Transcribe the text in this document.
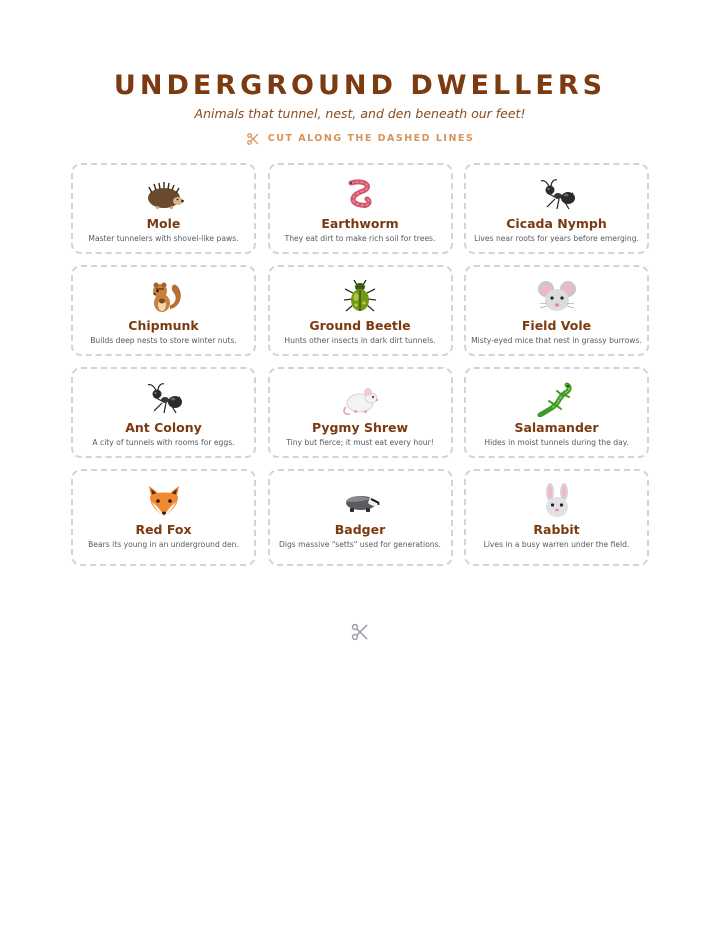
UNDERGROUND DWELLERS
Animals that tunnel, nest, and den beneath our feet!
CUT ALONG THE DASHED LINES
Mole
Master tunnelers with shovel-like paws.
Earthworm
They eat dirt to make rich soil for trees.
Cicada Nymph
Lives near roots for years before emerging.
Chipmunk
Builds deep nests to store winter nuts.
Ground Beetle
Hunts other insects in dark dirt tunnels.
Field Vole
Misty-eyed mice that nest in grassy burrows.
Ant Colony
A city of tunnels with rooms for eggs.
Pygmy Shrew
Tiny but fierce; it must eat every hour!
Salamander
Hides in moist tunnels during the day.
Red Fox
Bears its young in an underground den.
Badger
Digs massive "setts" used for generations.
Rabbit
Lives in a busy warren under the field.
